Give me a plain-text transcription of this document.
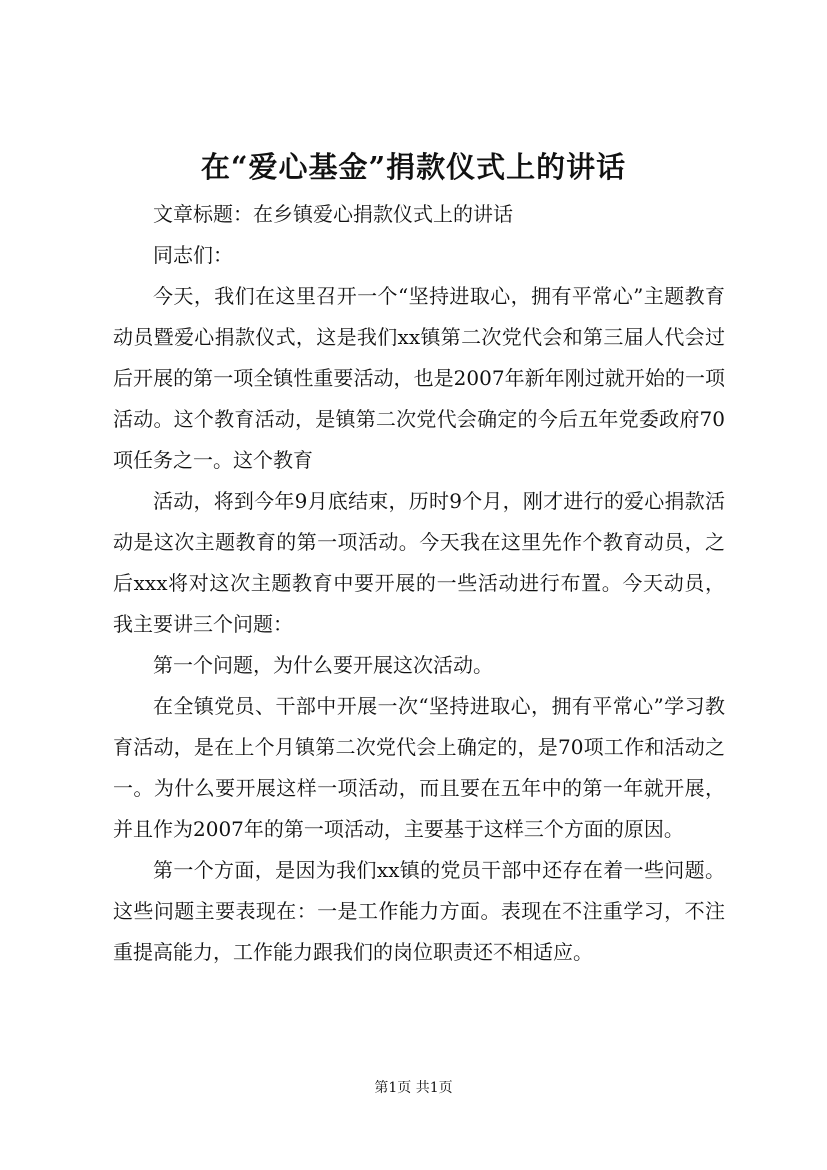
在“爱心基金”捐款仪式上的讲话

文章标题：在乡镇爱心捐款仪式上的讲话

同志们：

今天，我们在这里召开一个“坚持进取心，拥有平常心”主题教育动员暨爱心捐款仪式，这是我们xx镇第二次党代会和第三届人代会过后开展的第一项全镇性重要活动，也是2007年新年刚过就开始的一项活动。这个教育活动，是镇第二次党代会确定的今后五年党委政府70项任务之一。这个教育

活动，将到今年9月底结束，历时9个月，刚才进行的爱心捐款活动是这次主题教育的第一项活动。今天我在这里先作个教育动员，之后xxx将对这次主题教育中要开展的一些活动进行布置。今天动员，我主要讲三个问题：

第一个问题，为什么要开展这次活动。

在全镇党员、干部中开展一次“坚持进取心，拥有平常心”学习教育活动，是在上个月镇第二次党代会上确定的，是70项工作和活动之一。为什么要开展这样一项活动，而且要在五年中的第一年就开展，并且作为2007年的第一项活动，主要基于这样三个方面的原因。

第一个方面，是因为我们xx镇的党员干部中还存在着一些问题。这些问题主要表现在：一是工作能力方面。表现在不注重学习，不注重提高能力，工作能力跟我们的岗位职责还不相适应。

第1页 共1页
